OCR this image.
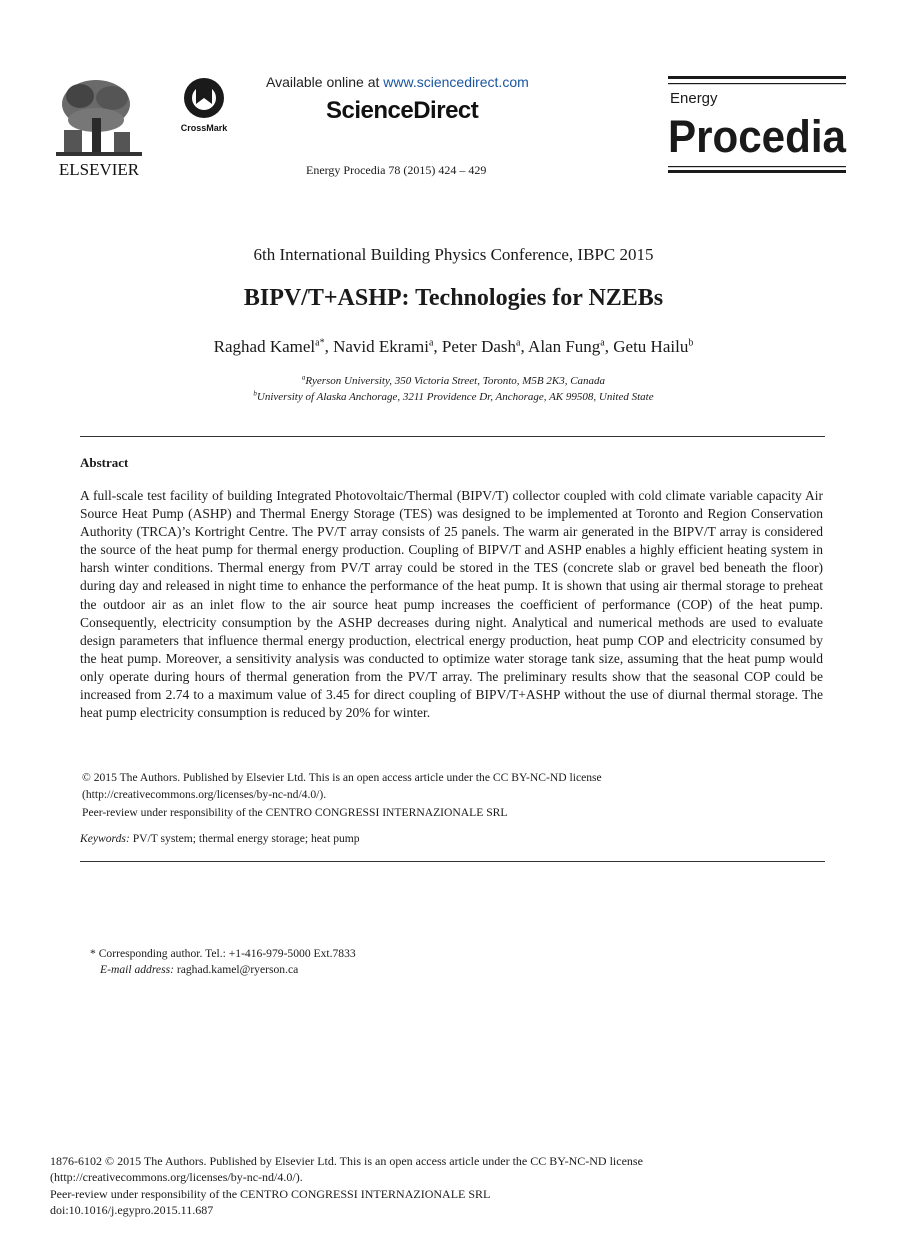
ELSEVIER
CrossMark
Available online at www.sciencedirect.com
ScienceDirect
Energy Procedia 78 (2015) 424 – 429
Energy
Procedia
6th International Building Physics Conference, IBPC 2015
BIPV/T+ASHP: Technologies for NZEBs
Raghad Kamel$^{a*}$, Navid Ekrami$^a$, Peter Dash$^a$, Alan Fung$^a$, Getu Hailu$^b$
$^a$Ryerson University, 350 Victoria Street, Toronto, M5B 2K3, Canada
$^b$University of Alaska Anchorage, 3211 Providence Dr, Anchorage, AK 99508, United State
Abstract
A full-scale test facility of building Integrated Photovoltaic/Thermal (BIPV/T) collector coupled with cold climate variable capacity Air Source Heat Pump (ASHP) and Thermal Energy Storage (TES) was designed to be implemented at Toronto and Region Conservation Authority (TRCA)’s Kortright Centre. The PV/T array consists of 25 panels. The warm air generated in the BIPV/T array is considered the source of the heat pump for thermal energy production. Coupling of BIPV/T and ASHP enables a highly efficient heating system in harsh winter conditions. Thermal energy from PV/T array could be stored in the TES (concrete slab or gravel bed beneath the floor) during day and released in night time to enhance the performance of the heat pump. It is shown that using air thermal storage to preheat the outdoor air as an inlet flow to the air source heat pump increases the coefficient of performance (COP) of the heat pump. Consequently, electricity consumption by the ASHP decreases during night. Analytical and numerical methods are used to evaluate design parameters that influence thermal energy production, electrical energy production, heat pump COP and electricity consumed by the heat pump. Moreover, a sensitivity analysis was conducted to optimize water storage tank size, assuming that the heat pump would only operate during hours of thermal generation from the PV/T array. The preliminary results show that the seasonal COP could be increased from 2.74 to a maximum value of 3.45 for direct coupling of BIPV/T+ASHP without the use of diurnal thermal storage. The heat pump electricity consumption is reduced by 20% for winter.
© 2015 The Authors. Published by Elsevier Ltd. This is an open access article under the CC BY-NC-ND license
(http://creativecommons.org/licenses/by-nc-nd/4.0/).
Peer-review under responsibility of the CENTRO CONGRESSI INTERNAZIONALE SRL
Keywords: PV/T system; thermal energy storage; heat pump
* Corresponding author. Tel.: +1-416-979-5000 Ext.7833
E-mail address: raghad.kamel@ryerson.ca
1876-6102 © 2015 The Authors. Published by Elsevier Ltd. This is an open access article under the CC BY-NC-ND license
(http://creativecommons.org/licenses/by-nc-nd/4.0/).
Peer-review under responsibility of the CENTRO CONGRESSI INTERNAZIONALE SRL
doi:10.1016/j.egypro.2015.11.687
